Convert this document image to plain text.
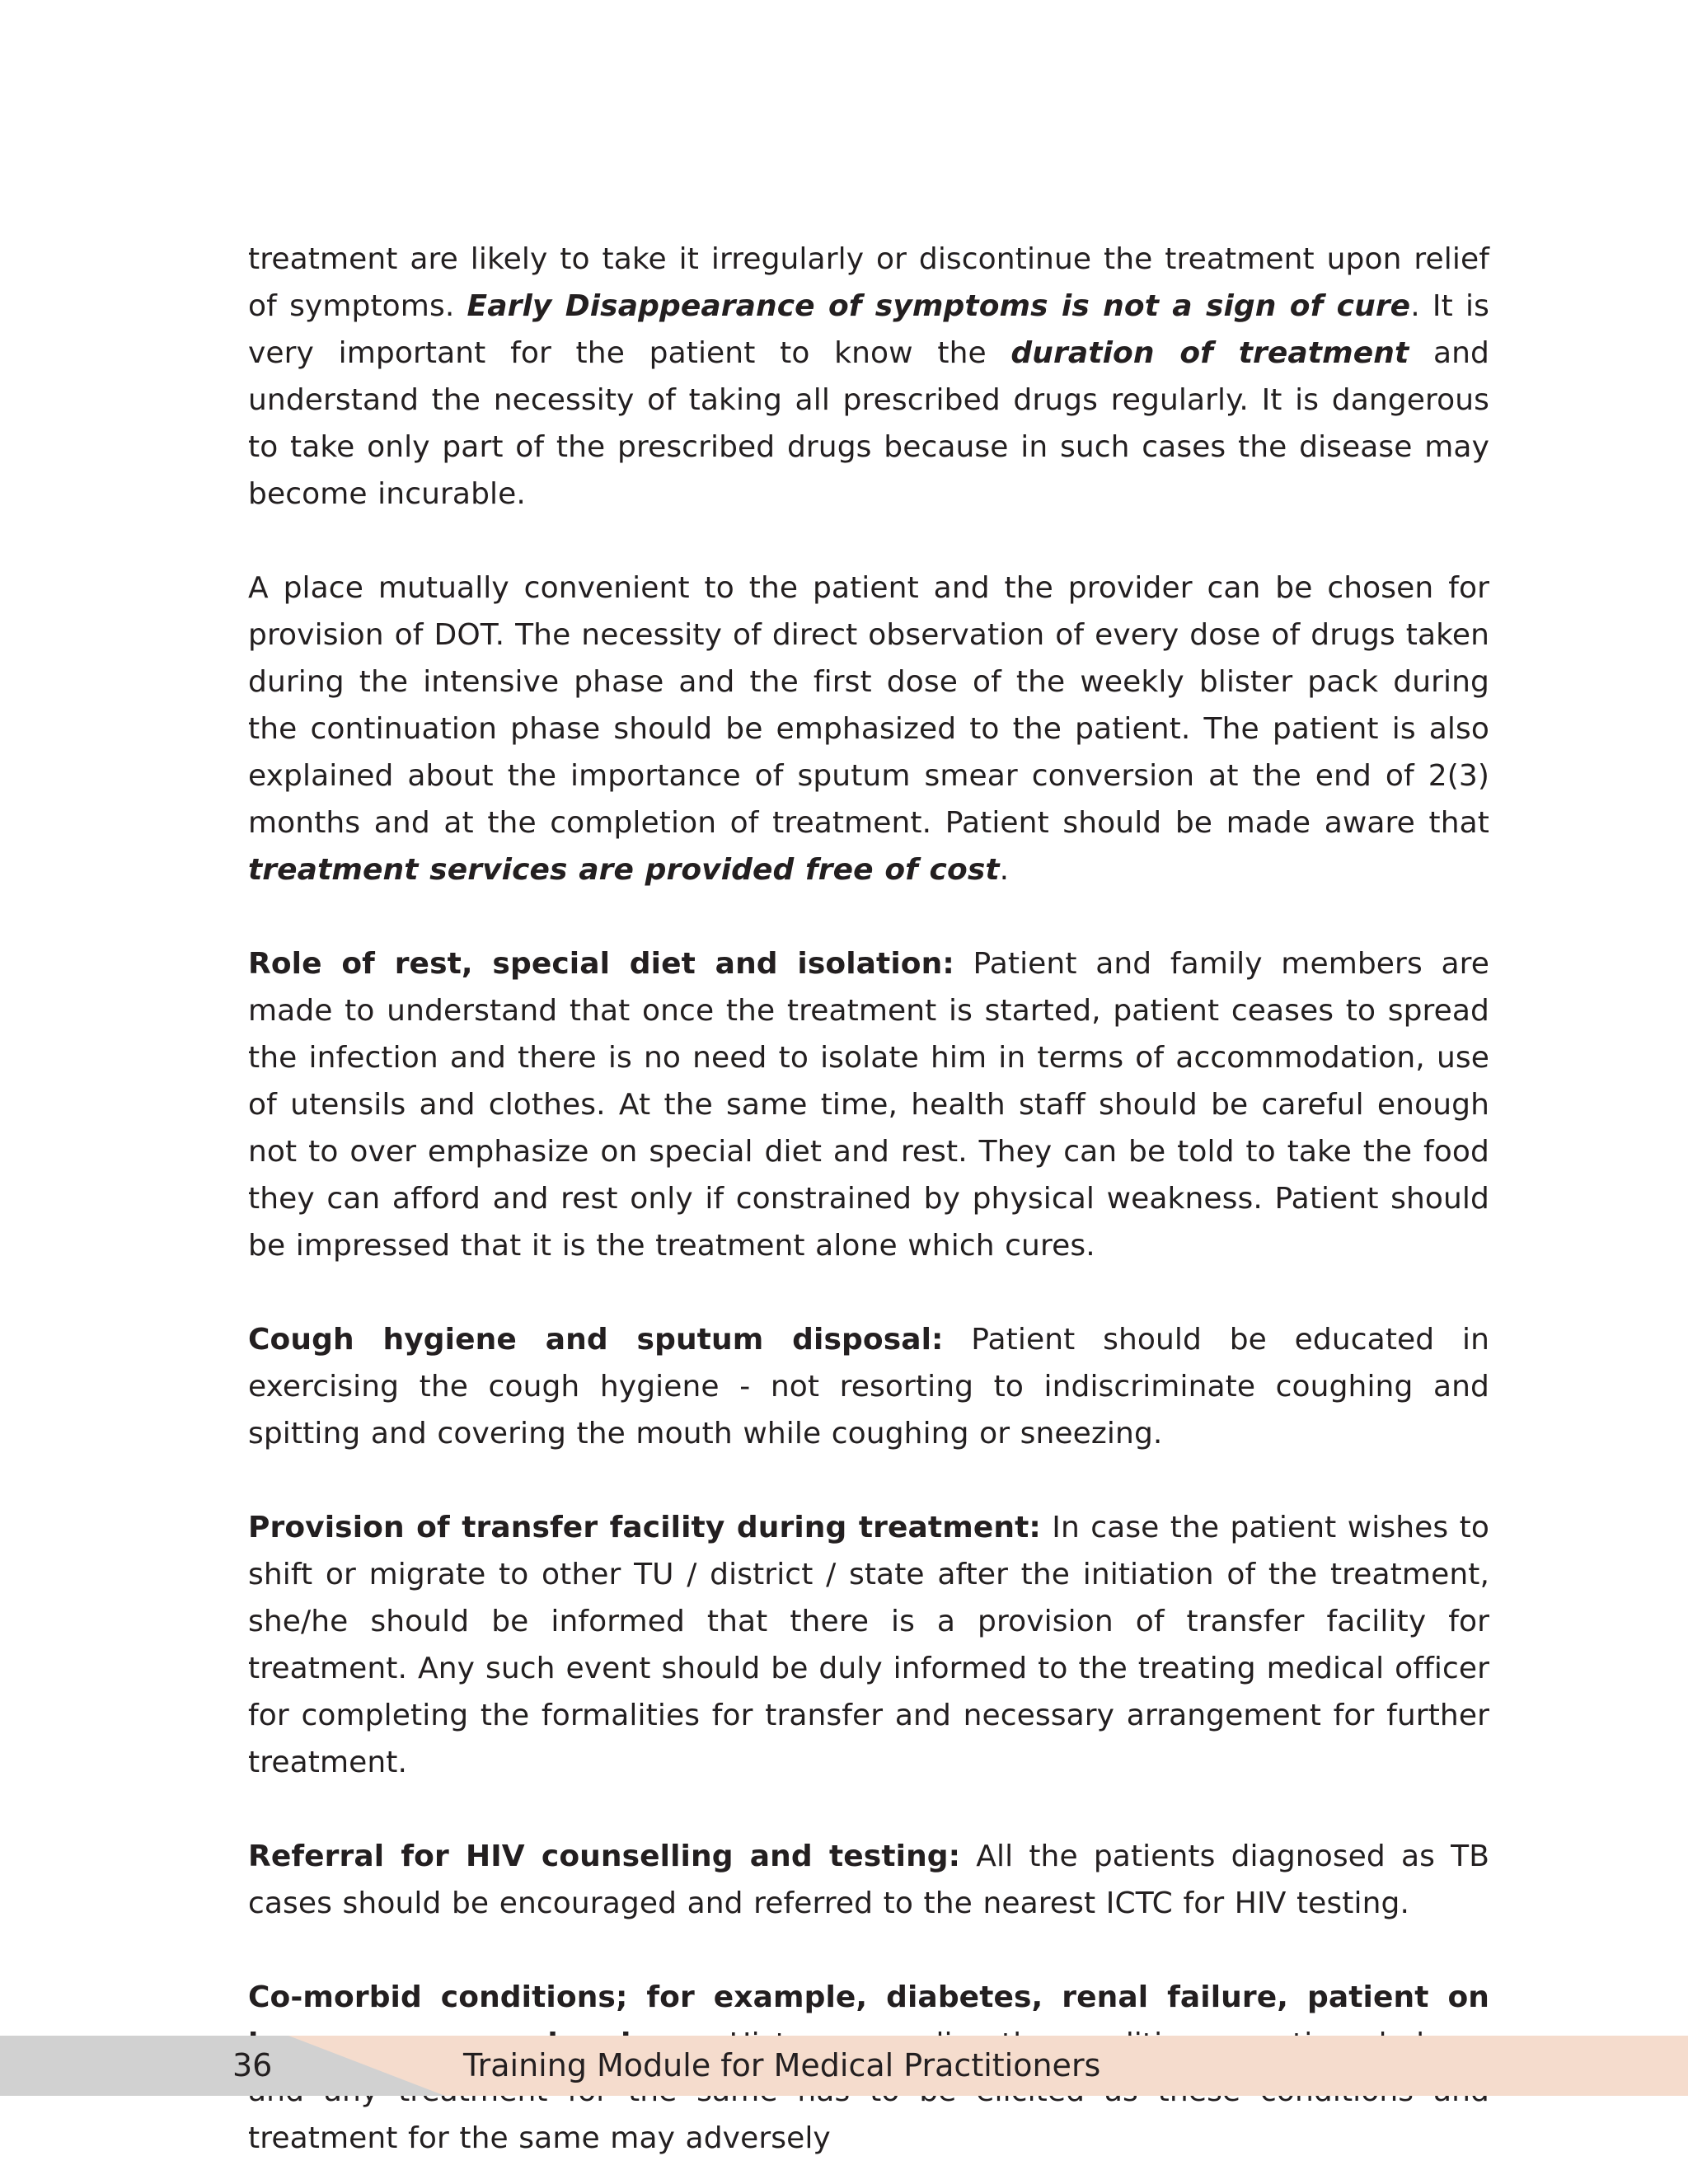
treatment are likely to take it irregularly or discontinue the treatment upon relief of symptoms. Early Disappearance of symptoms is not a sign of cure. It is very important for the patient to know the duration of treatment and understand the necessity of taking all prescribed drugs regularly. It is dangerous to take only part of the prescribed drugs because in such cases the disease may become incurable.

A place mutually convenient to the patient and the provider can be chosen for provision of DOT. The necessity of direct observation of every dose of drugs taken during the intensive phase and the first dose of the weekly blister pack during the continuation phase should be emphasized to the patient. The patient is also explained about the importance of sputum smear conversion at the end of 2(3) months and at the completion of treatment. Patient should be made aware that treatment services are provided free of cost.

Role of rest, special diet and isolation: Patient and family members are made to understand that once the treatment is started, patient ceases to spread the infection and there is no need to isolate him in terms of accommodation, use of utensils and clothes. At the same time, health staff should be careful enough not to over emphasize on special diet and rest. They can be told to take the food they can afford and rest only if constrained by physical weakness. Patient should be impressed that it is the treatment alone which cures.

Cough hygiene and sputum disposal: Patient should be educated in exercising the cough hygiene - not resorting to indiscriminate coughing and spitting and covering the mouth while coughing or sneezing.

Provision of transfer facility during treatment: In case the patient wishes to shift or migrate to other TU / district / state after the initiation of the treatment, she/he should be informed that there is a provision of transfer facility for treatment. Any such event should be duly informed to the treating medical officer for completing the formalities for transfer and necessary arrangement for further treatment.

Referral for HIV counselling and testing: All the patients diagnosed as TB cases should be encouraged and referred to the nearest ICTC for HIV testing.

Co-morbid conditions; for example, diabetes, renal failure, patient on treatment for the same may adversely

36	Training Module for Medical Practitioners
